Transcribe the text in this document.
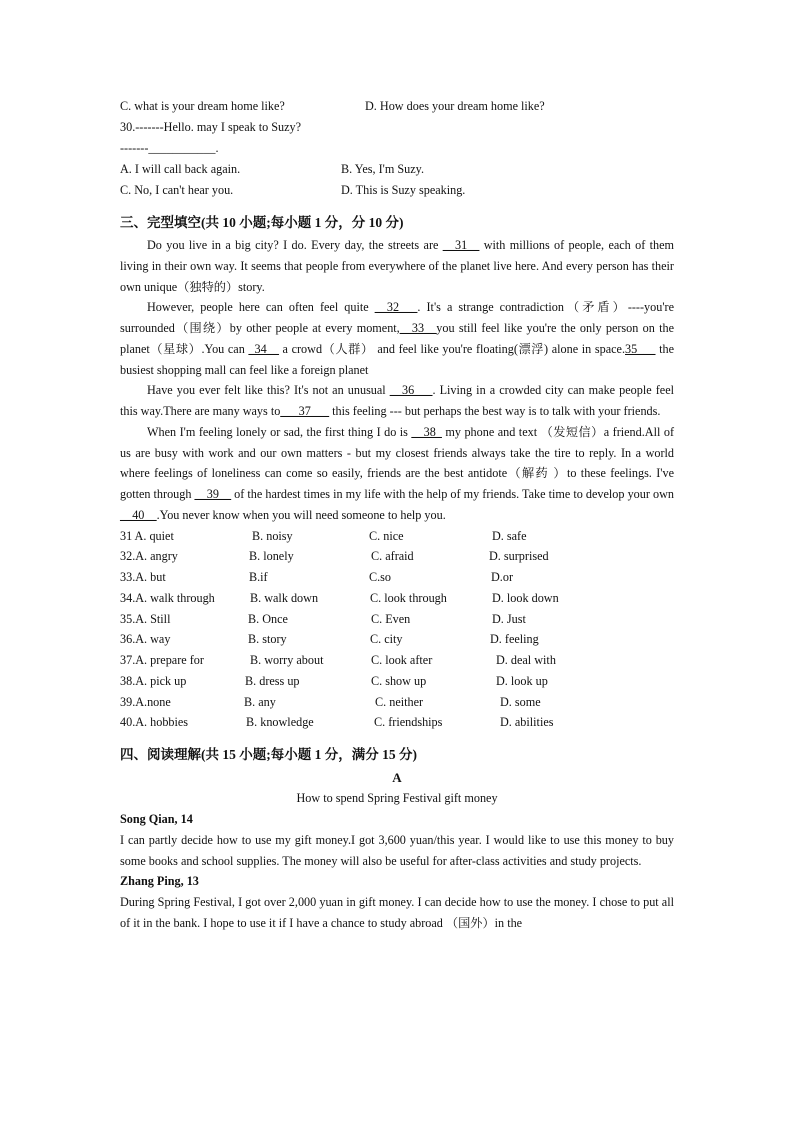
C. what is your dream home like?	D. How does your dream home like?
30.-------Hello. may I speak to Suzy?
-------___________.
A. I will call back again.	B. Yes, I'm Suzy.
C. No, I can't hear you.	D. This is Suzy speaking.
三、完型填空(共 10 小题;每小题 1 分，分 10 分)

Do you live in a big city? I do. Every day, the streets are __31__ with millions of people, each of them living in their own way. It seems that people from everywhere of the planet live here. And every person has their own unique（独特的）story.

However, people here can often feel quite __32___. It's a strange contradiction（矛盾）----you're surrounded（围绕）by other people at every moment,__33__you still feel like you're the only person on the planet（星球）.You can _34__ a crowd（人群） and feel like you're floating(漂浮) alone in space.35___ the busiest shopping mall can feel like a foreign planet

Have you ever felt like this? It's not an unusual __36___. Living in a crowded city can make people feel this way.There are many ways to___37___ this feeling --- but perhaps the best way is to talk with your friends.

When I'm feeling lonely or sad, the first thing I do is __38_ my phone and text （发短信）a friend.All of us are busy with work and our own matters - but my closest friends always take the tire to reply. In a world where feelings of loneliness can come so easily, friends are the best antidote（解药 ）to these feelings. I've gotten through __39__ of the hardest times in my life with the help of my friends. Take time to develop your own __40__.You never know when you will need someone to help you.

31 A. quiet	B. noisy	C. nice	D. safe
32.A. angry	B. lonely	C. afraid	D. surprised
33.A. but	B.if	C.so	D.or
34.A. walk through	B. walk down	C. look through	D. look down
35.A. Still	B. Once	C. Even	D. Just
36.A. way	B. story	C. city	D. feeling
37.A. prepare for	B. worry about	C. look after	D. deal with
38.A. pick up	B. dress up	C. show up	D. look up
39.A.none	B. any	C. neither	D. some
40.A. hobbies	B. knowledge	C. friendships	D. abilities
四、阅读理解(共 15 小题;每小题 1 分，满分 15 分)
A
How to spend Spring Festival gift money
Song Qian, 14

I can partly decide how to use my gift money.I got 3,600 yuan/this year. I would like to use this money to buy some books and school supplies. The money will also be useful for after-class activities and study projects.

Zhang Ping, 13

During Spring Festival, I got over 2,000 yuan in gift money. I can decide how to use the money. I chose to put all of it in the bank. I hope to use it if I have a chance to study abroad （国外）in the
